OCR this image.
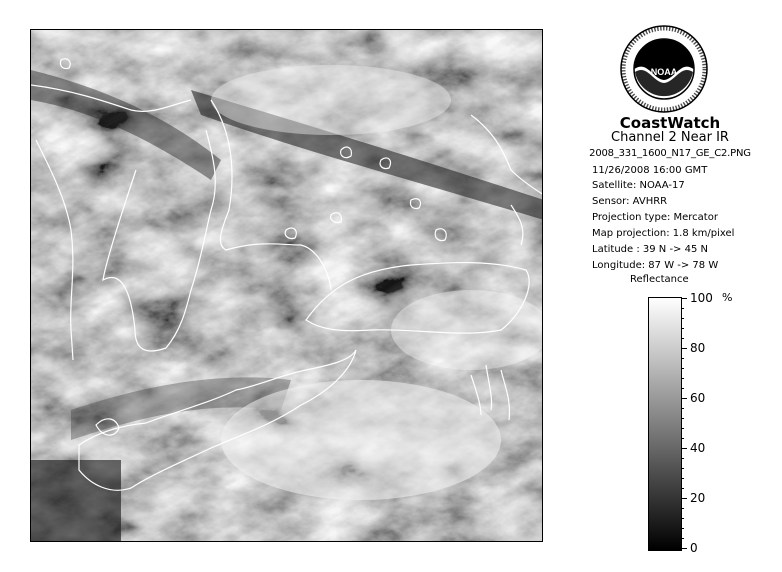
NOAA
CoastWatch
Channel 2 Near IR
2008_331_1600_N17_GE_C2.PNG
11/26/2008 16:00 GMT
Satellite: NOAA-17
Sensor: AVHRR
Projection type: Mercator
Map projection: 1.8 km/pixel
Latitude : 39 N -> 45 N
Longitude: 87 W -> 78 W
Reflectance
%
100
80
60
40
20
0
